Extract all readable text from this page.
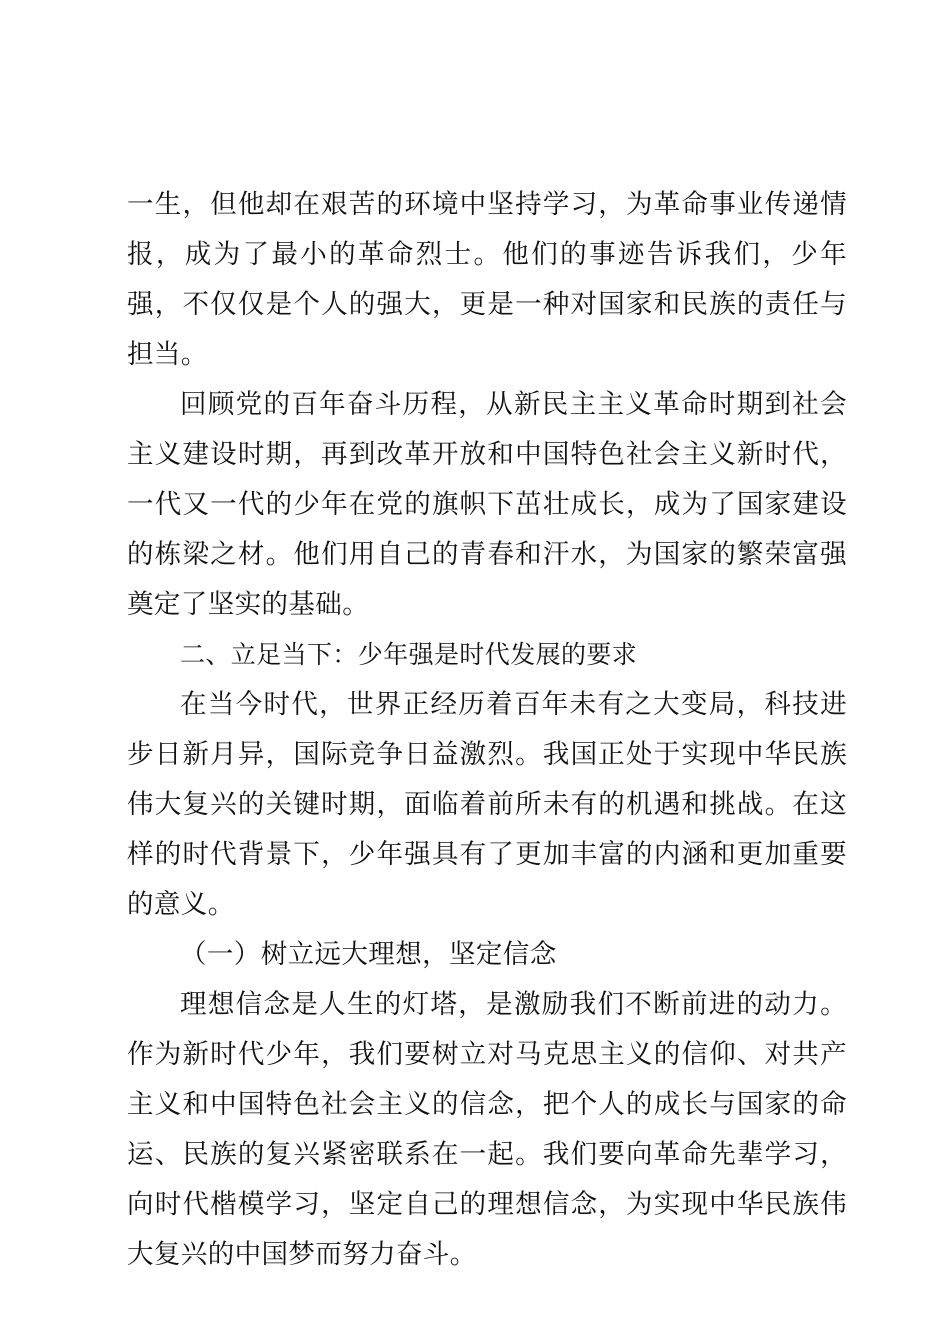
一生，但他却在艰苦的环境中坚持学习，为革命事业传递情报，成为了最小的革命烈士。他们的事迹告诉我们，少年强，不仅仅是个人的强大，更是一种对国家和民族的责任与担当。

回顾党的百年奋斗历程，从新民主主义革命时期到社会主义建设时期，再到改革开放和中国特色社会主义新时代，一代又一代的少年在党的旗帜下茁壮成长，成为了国家建设的栋梁之材。他们用自己的青春和汗水，为国家的繁荣富强奠定了坚实的基础。

二、立足当下：少年强是时代发展的要求

在当今时代，世界正经历着百年未有之大变局，科技进步日新月异，国际竞争日益激烈。我国正处于实现中华民族伟大复兴的关键时期，面临着前所未有的机遇和挑战。在这样的时代背景下，少年强具有了更加丰富的内涵和更加重要的意义。

（一）树立远大理想，坚定信念

理想信念是人生的灯塔，是激励我们不断前进的动力。作为新时代少年，我们要树立对马克思主义的信仰、对共产主义和中国特色社会主义的信念，把个人的成长与国家的命运、民族的复兴紧密联系在一起。我们要向革命先辈学习，向时代楷模学习，坚定自己的理想信念，为实现中华民族伟大复兴的中国梦而努力奋斗。
